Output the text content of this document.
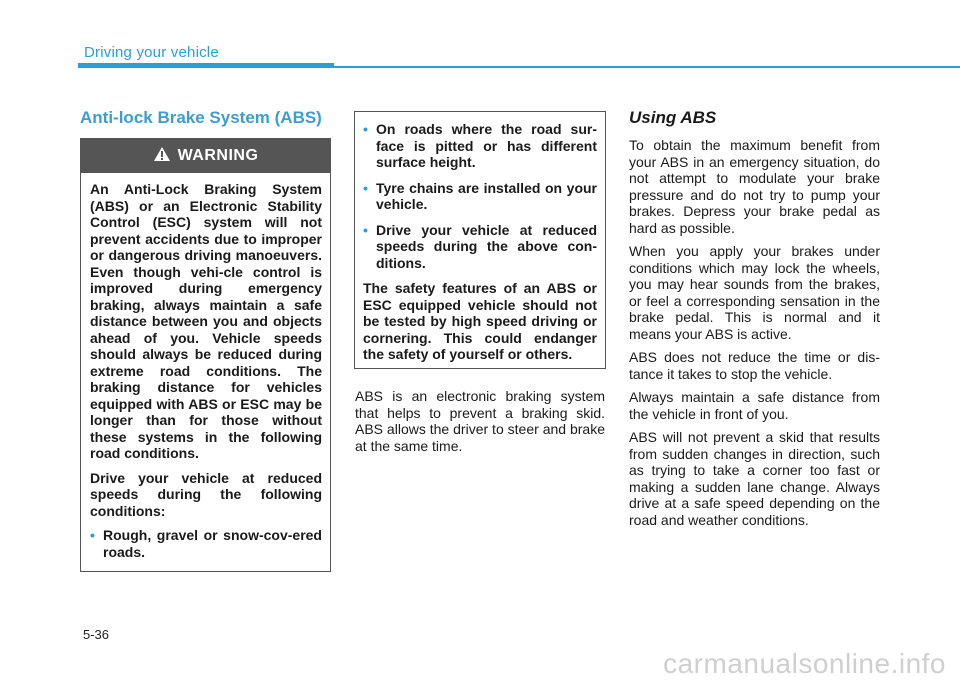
Driving your vehicle
Anti-lock Brake System (ABS)
WARNING

An Anti-Lock Braking System (ABS) or an Electronic Stability Control (ESC) system will not prevent accidents due to improper or dangerous driving manoeuvers. Even though vehi-cle control is improved during emergency braking, always maintain a safe distance between you and objects ahead of you. Vehicle speeds should always be reduced during extreme road conditions. The braking distance for vehicles equipped with ABS or ESC may be longer than for those without these systems in the following road conditions.

Drive your vehicle at reduced speeds during the following conditions:

• Rough, gravel or snow-cov-ered roads.
• On roads where the road sur-face is pitted or has different surface height.
• Tyre chains are installed on your vehicle.
• Drive your vehicle at reduced speeds during the above con-ditions.

The safety features of an ABS or ESC equipped vehicle should not be tested by high speed driving or cornering. This could endanger the safety of yourself or others.

ABS is an electronic braking system that helps to prevent a braking skid. ABS allows the driver to steer and brake at the same time.

Using ABS

To obtain the maximum benefit from your ABS in an emergency situation, do not attempt to modulate your brake pressure and do not try to pump your brakes. Depress your brake pedal as hard as possible.

When you apply your brakes under conditions which may lock the wheels, you may hear sounds from the brakes, or feel a corresponding sensation in the brake pedal. This is normal and it means your ABS is active.

ABS does not reduce the time or dis-tance it takes to stop the vehicle.

Always maintain a safe distance from the vehicle in front of you.

ABS will not prevent a skid that results from sudden changes in direction, such as trying to take a corner too fast or making a sudden lane change. Always drive at a safe speed depending on the road and weather conditions.

5-36
carmanualsonline.info
